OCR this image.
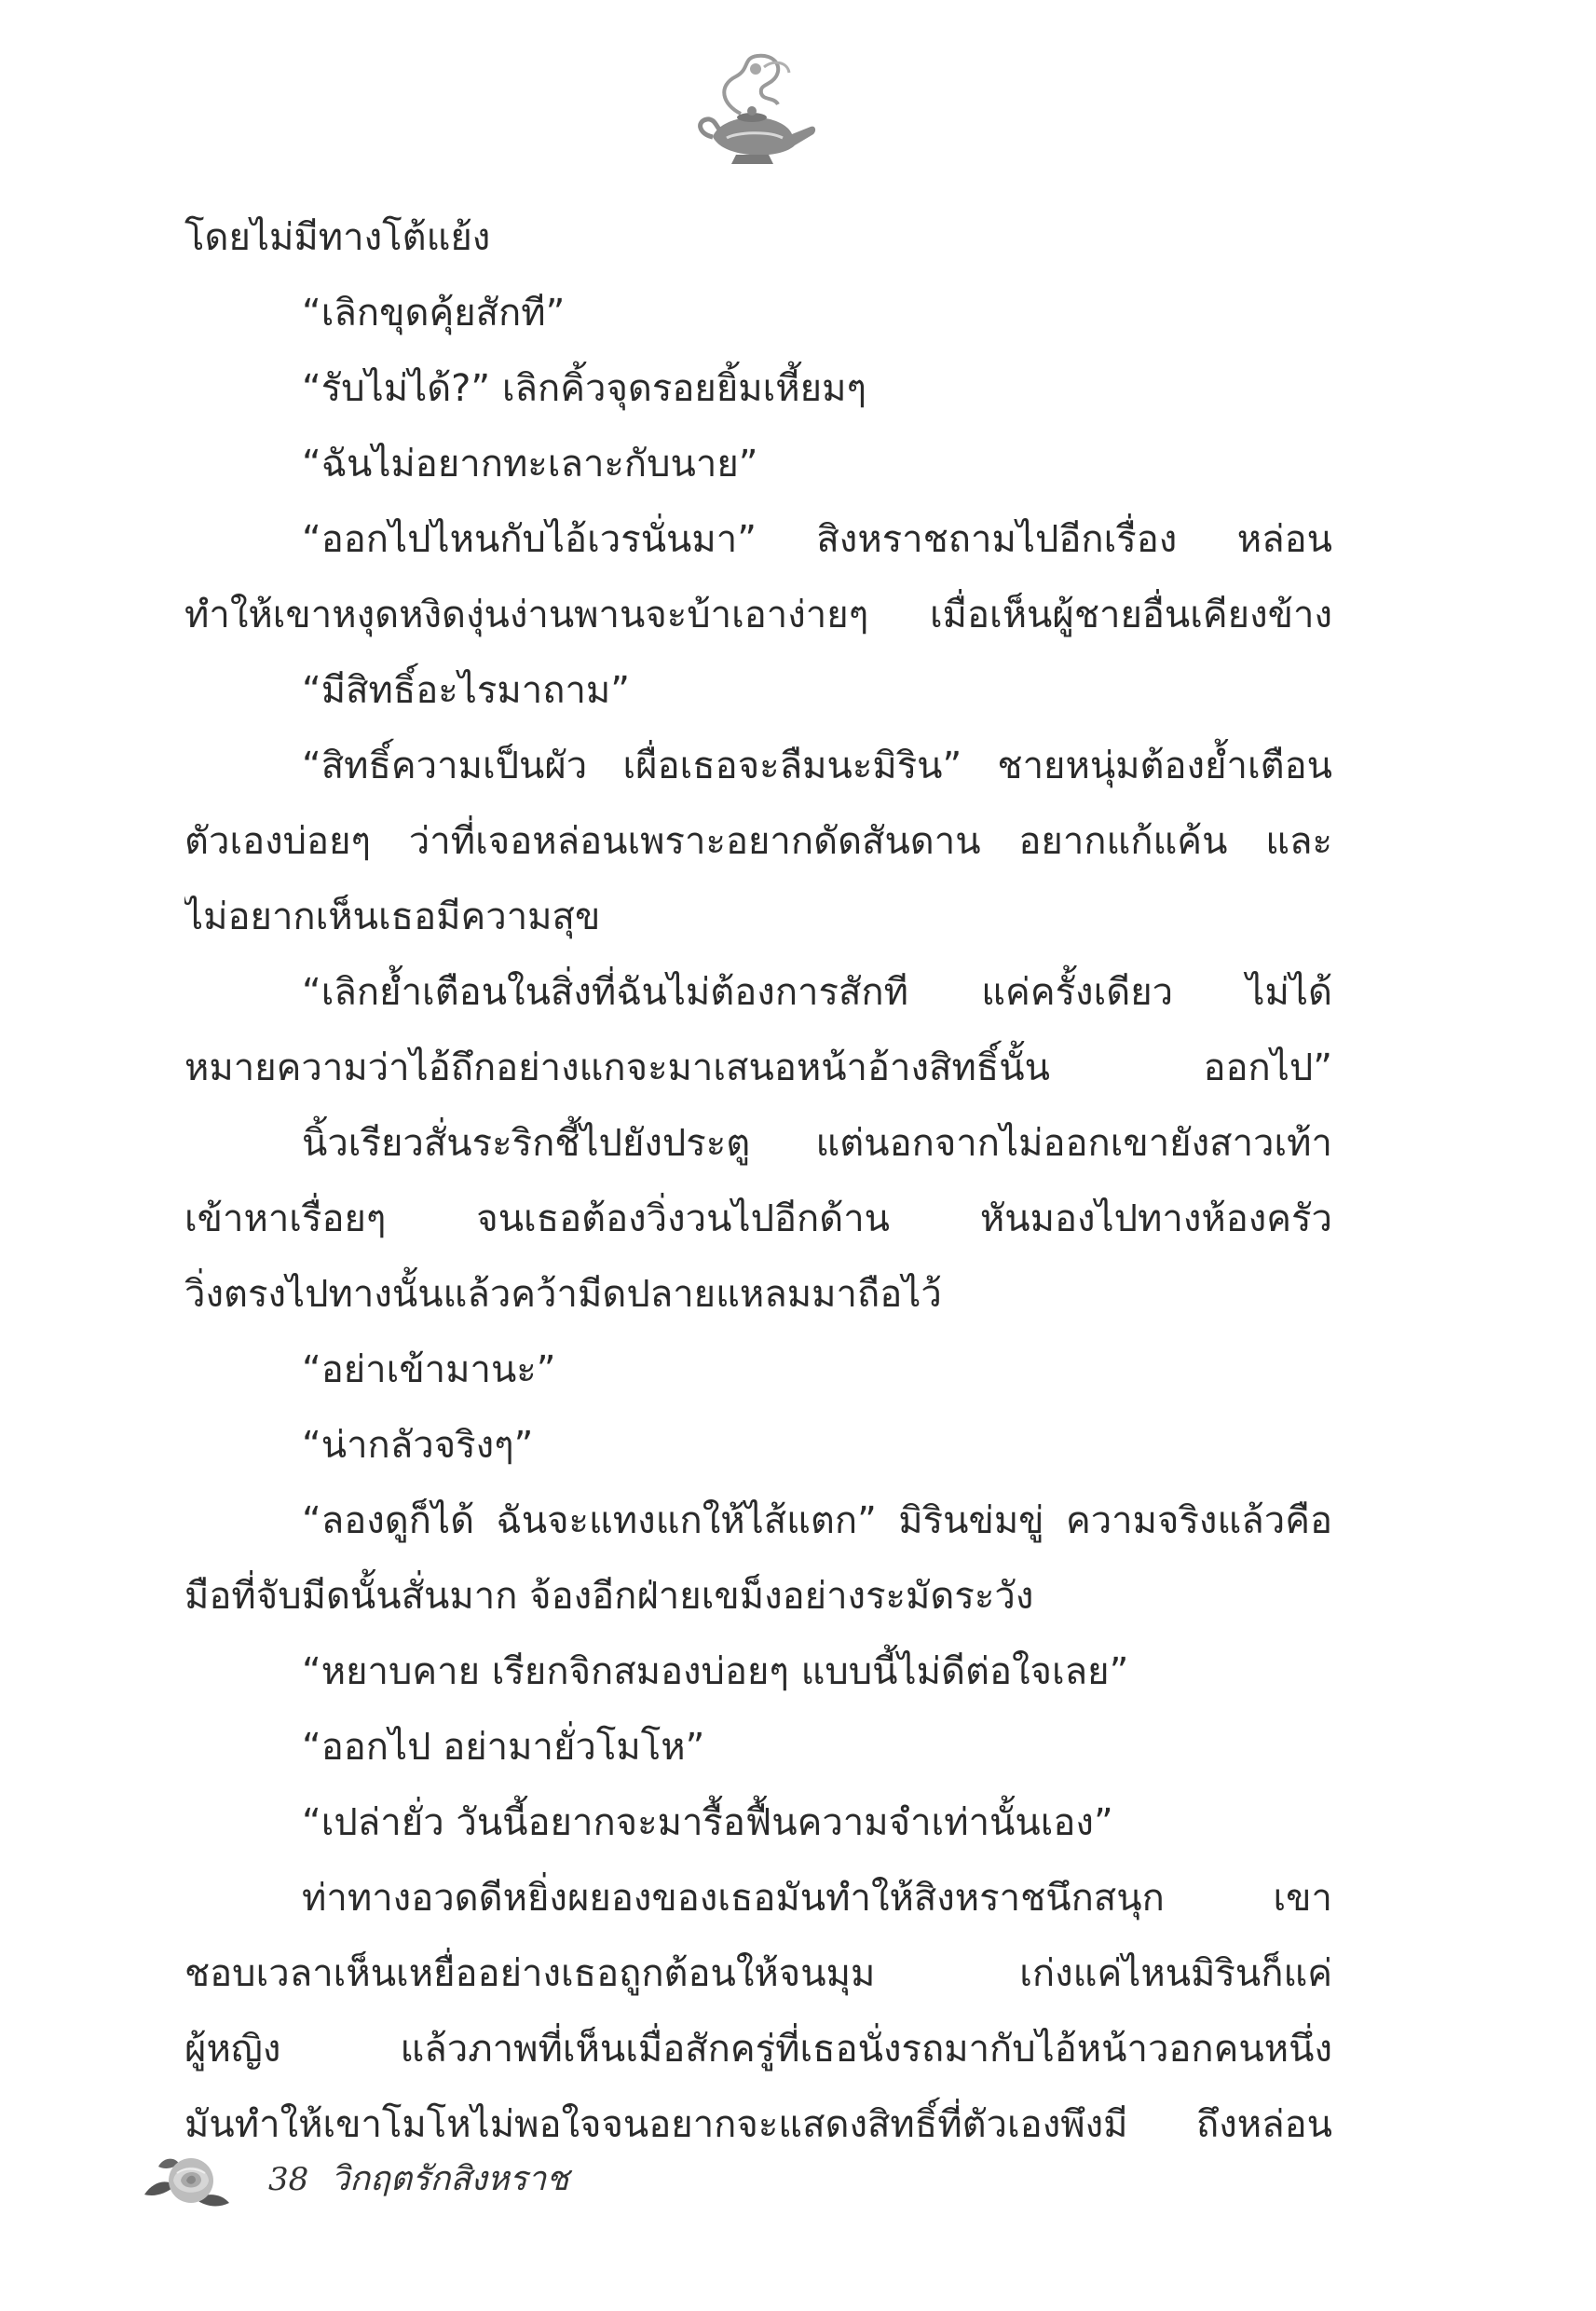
โดยไม่มีทางโต้แย้ง
“เลิกขุดคุ้ยสักที”
“รับไม่ได้?” เลิกคิ้วจุดรอยยิ้มเหี้ยมๆ
“ฉันไม่อยากทะเลาะกับนาย”
“ออกไปไหนกับไอ้เวรนั่นมา” สิงหราชถามไปอีกเรื่อง หล่อน
ทำให้เขาหงุดหงิดงุ่นง่านพานจะบ้าเอาง่ายๆ เมื่อเห็นผู้ชายอื่นเคียงข้าง
“มีสิทธิ์อะไรมาถาม”
“สิทธิ์ความเป็นผัว เผื่อเธอจะลืมนะมิริน” ชายหนุ่มต้องย้ำเตือน
ตัวเองบ่อยๆ ว่าที่เจอหล่อนเพราะอยากดัดสันดาน อยากแก้แค้น และ
ไม่อยากเห็นเธอมีความสุข
“เลิกย้ำเตือนในสิ่งที่ฉันไม่ต้องการสักที แค่ครั้งเดียว ไม่ได้
หมายความว่าไอ้ถึกอย่างแกจะมาเสนอหน้าอ้างสิทธิ์นั้น ออกไป”
นิ้วเรียวสั่นระริกชี้ไปยังประตู แต่นอกจากไม่ออกเขายังสาวเท้า
เข้าหาเรื่อยๆ จนเธอต้องวิ่งวนไปอีกด้าน หันมองไปทางห้องครัว
วิ่งตรงไปทางนั้นแล้วคว้ามีดปลายแหลมมาถือไว้
“อย่าเข้ามานะ”
“น่ากลัวจริงๆ”
“ลองดูก็ได้ ฉันจะแทงแกให้ไส้แตก” มิรินข่มขู่ ความจริงแล้วคือ
มือที่จับมีดนั้นสั่นมาก จ้องอีกฝ่ายเขม็งอย่างระมัดระวัง
“หยาบคาย เรียกจิกสมองบ่อยๆ แบบนี้ไม่ดีต่อใจเลย”
“ออกไป อย่ามายั่วโมโห”
“เปล่ายั่ว วันนี้อยากจะมารื้อฟื้นความจำเท่านั้นเอง”
ท่าทางอวดดีหยิ่งผยองของเธอมันทำให้สิงหราชนึกสนุก เขา
ชอบเวลาเห็นเหยื่ออย่างเธอถูกต้อนให้จนมุม เก่งแค่ไหนมิรินก็แค่
ผู้หญิง แล้วภาพที่เห็นเมื่อสักครู่ที่เธอนั่งรถมากับไอ้หน้าวอกคนหนึ่ง
มันทำให้เขาโมโหไม่พอใจจนอยากจะแสดงสิทธิ์ที่ตัวเองพึงมี ถึงหล่อน
38 วิกฤตรักสิงหราช
